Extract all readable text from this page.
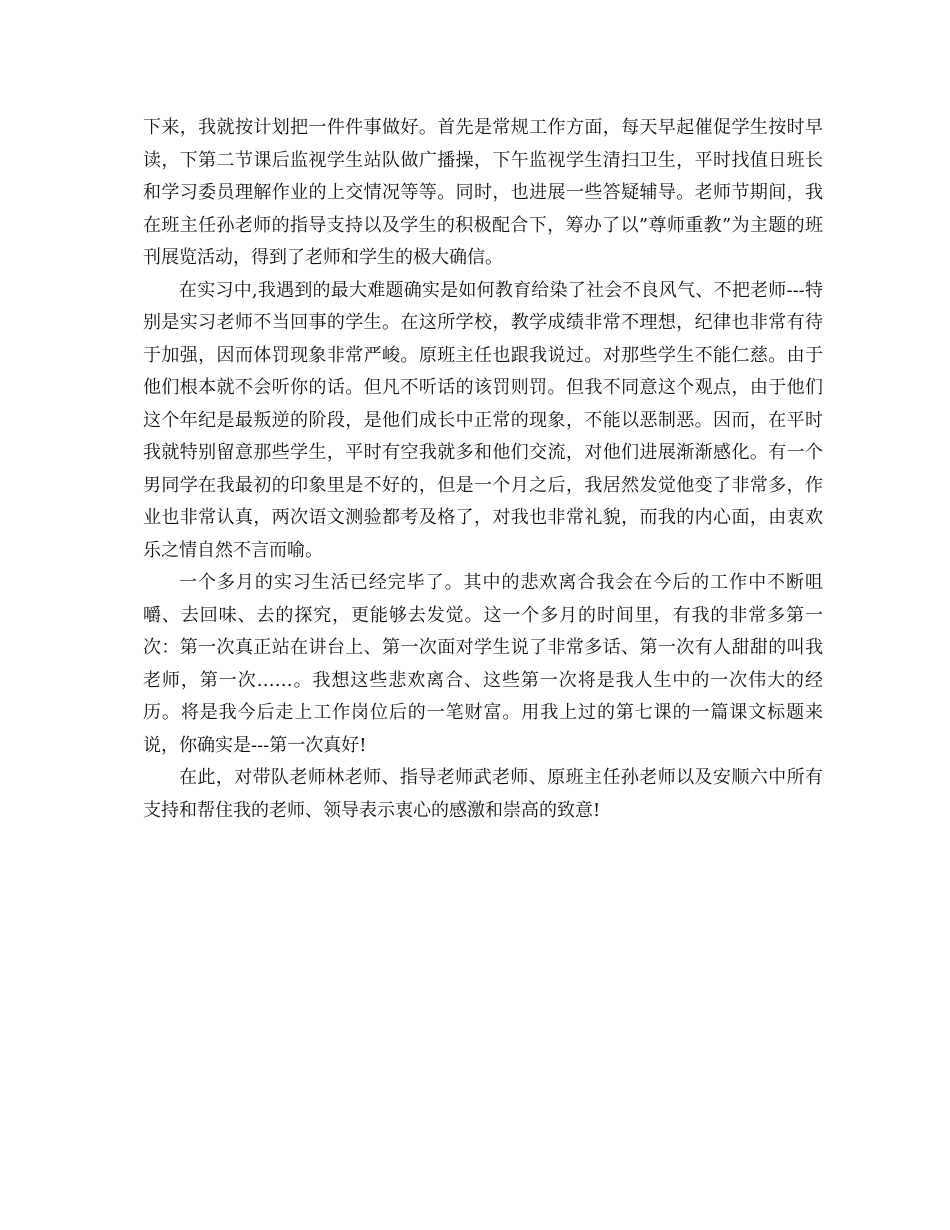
下来，我就按计划把一件件事做好。首先是常规工作方面，每天早起催促学生按时早读，下第二节课后监视学生站队做广播操，下午监视学生清扫卫生，平时找值日班长和学习委员理解作业的上交情况等等。同时，也进展一些答疑辅导。老师节期间，我在班主任孙老师的指导支持以及学生的积极配合下，筹办了以”尊师重教”为主题的班刊展览活动，得到了老师和学生的极大确信。

在实习中,我遇到的最大难题确实是如何教育给染了社会不良风气、不把老师---特别是实习老师不当回事的学生。在这所学校，教学成绩非常不理想，纪律也非常有待于加强，因而体罚现象非常严峻。原班主任也跟我说过。对那些学生不能仁慈。由于他们根本就不会听你的话。但凡不听话的该罚则罚。但我不同意这个观点，由于他们这个年纪是最叛逆的阶段，是他们成长中正常的现象，不能以恶制恶。因而，在平时我就特别留意那些学生，平时有空我就多和他们交流，对他们进展渐渐感化。有一个男同学在我最初的印象里是不好的，但是一个月之后，我居然发觉他变了非常多，作业也非常认真，两次语文测验都考及格了，对我也非常礼貌，而我的内心面，由衷欢乐之情自然不言而喻。

一个多月的实习生活已经完毕了。其中的悲欢离合我会在今后的工作中不断咀嚼、去回味、去的探究，更能够去发觉。这一个多月的时间里，有我的非常多第一次：第一次真正站在讲台上、第一次面对学生说了非常多话、第一次有人甜甜的叫我老师，第一次……。我想这些悲欢离合、这些第一次将是我人生中的一次伟大的经历。将是我今后走上工作岗位后的一笔财富。用我上过的第七课的一篇课文标题来说，你确实是---第一次真好!

在此，对带队老师林老师、指导老师武老师、原班主任孙老师以及安顺六中所有支持和帮住我的老师、领导表示衷心的感激和崇高的致意!
